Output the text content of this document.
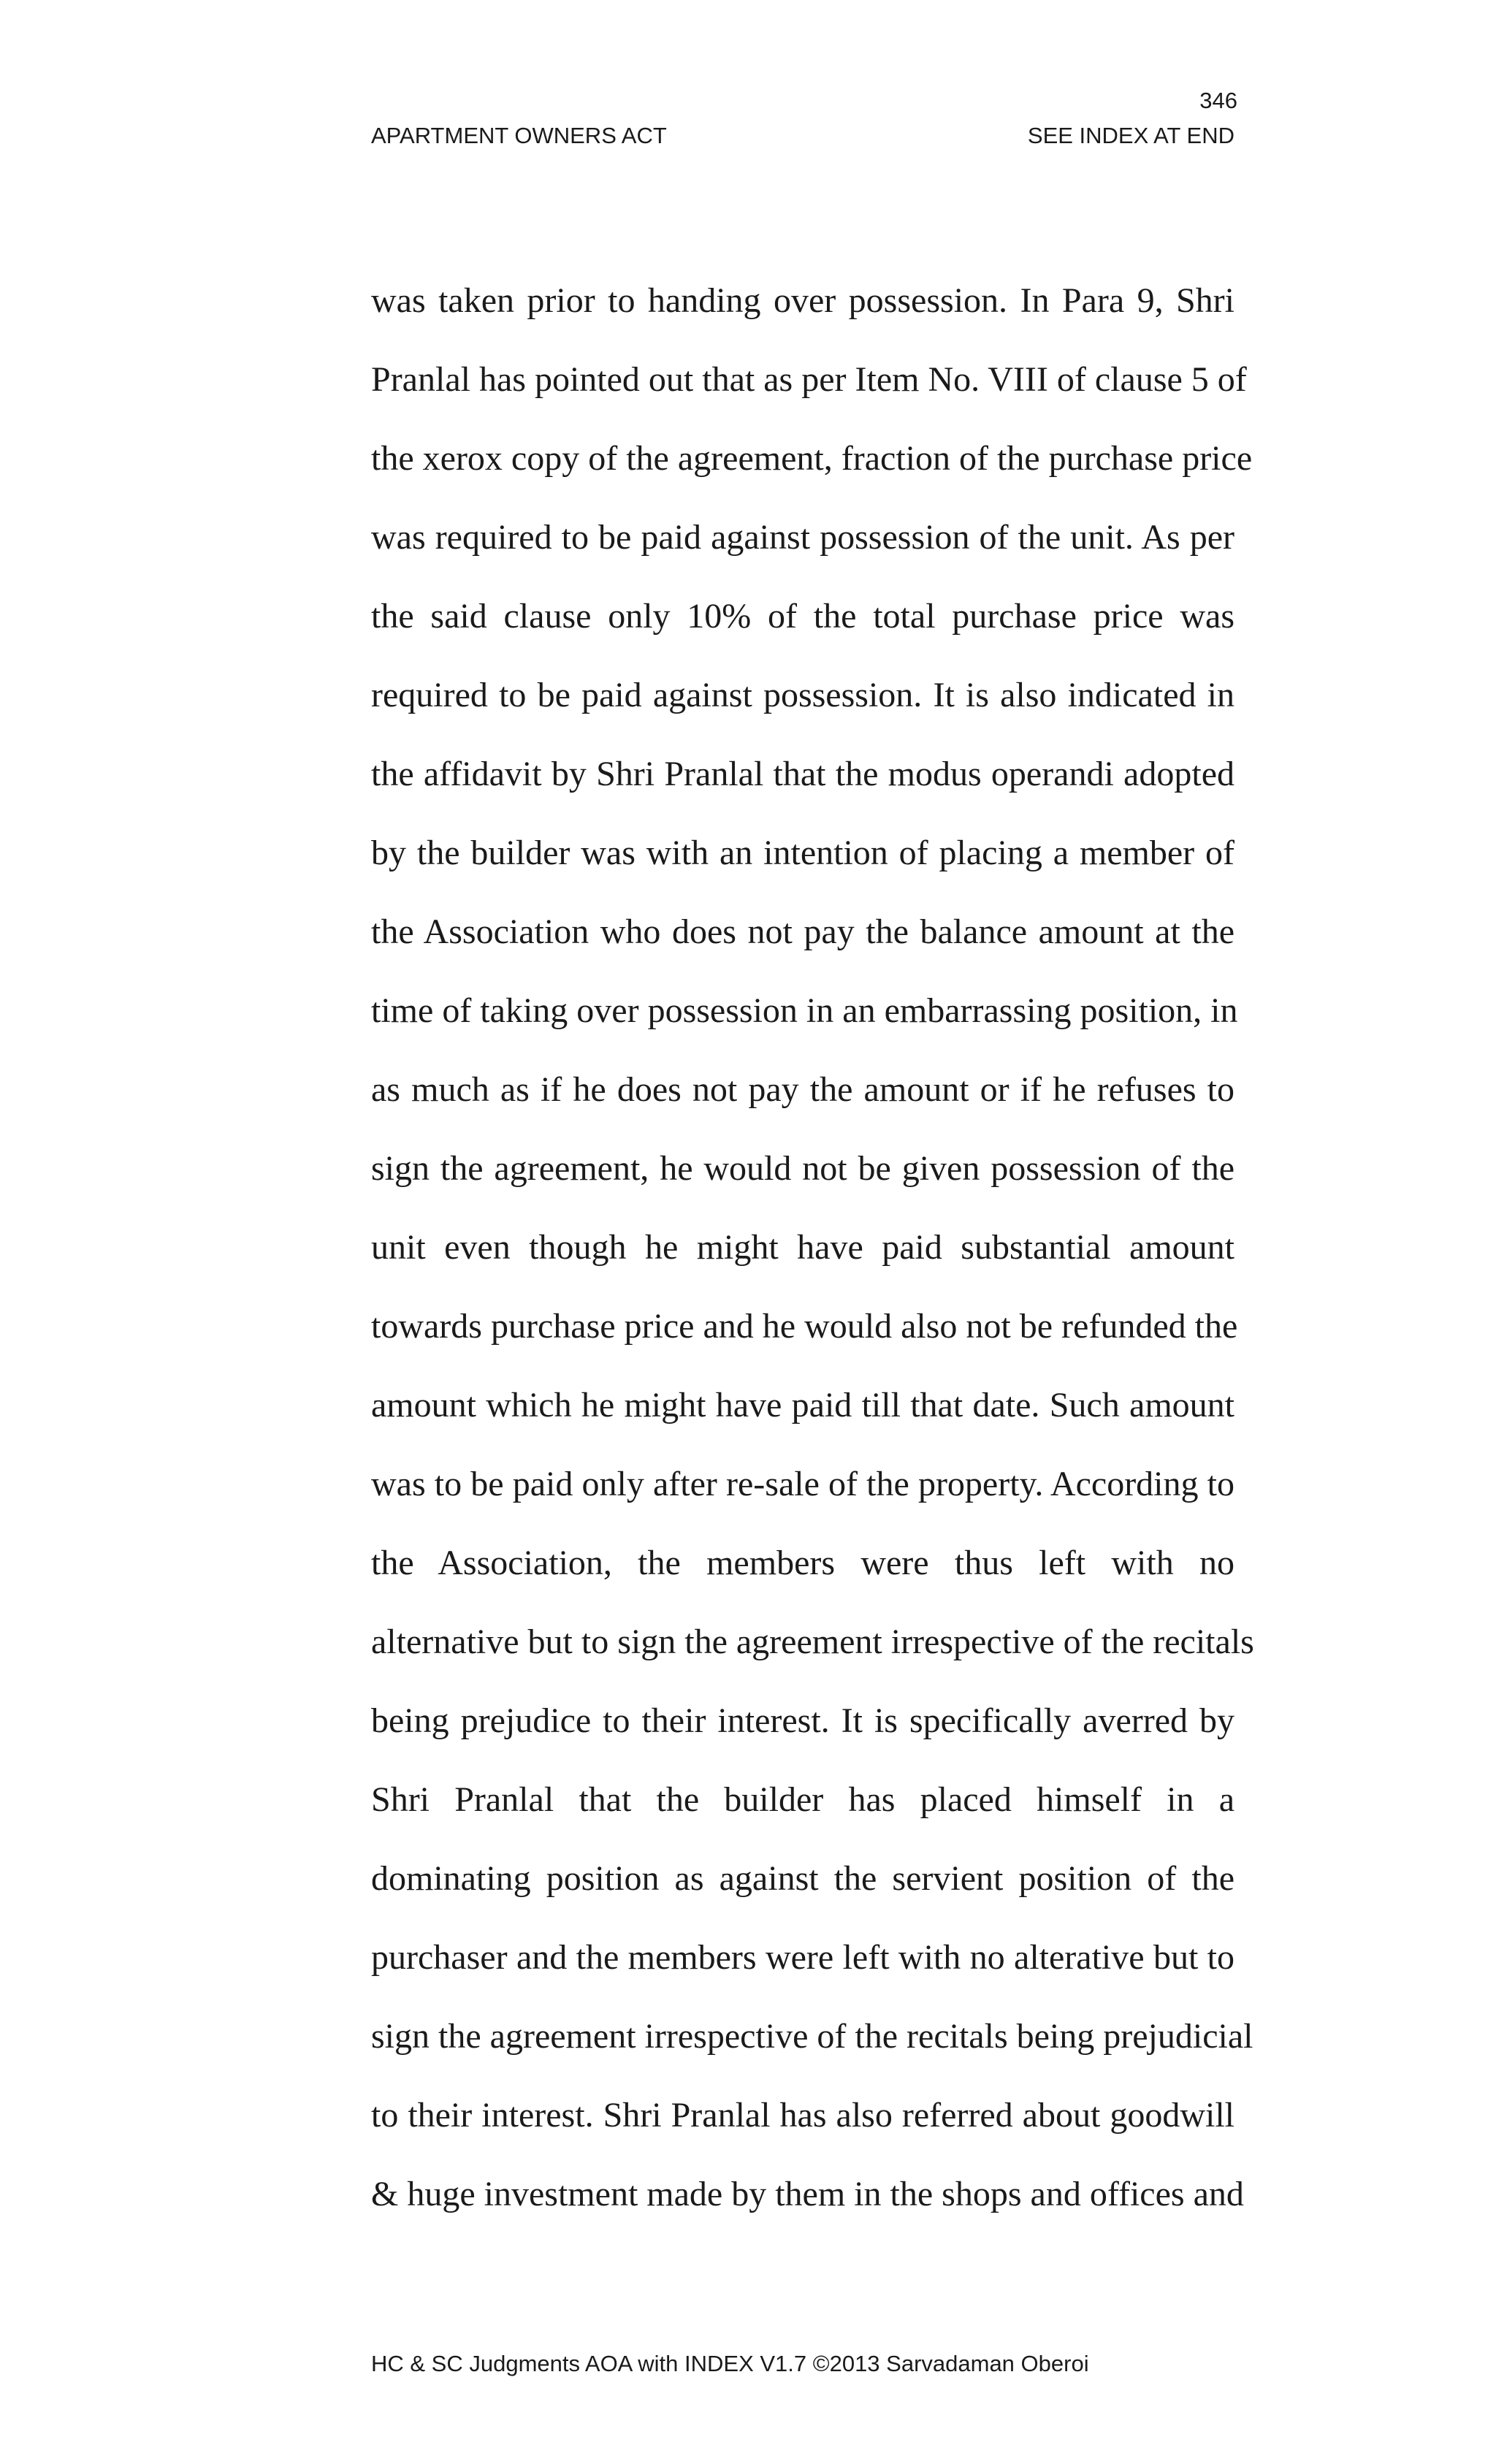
346

APARTMENT OWNERS ACT	SEE INDEX AT END

was taken prior to handing over possession. In Para 9, Shri
Pranlal has pointed out that as per Item No. VIII of clause 5 of
the xerox copy of the agreement, fraction of the purchase price
was required to be paid against possession of the unit. As per
the said clause only 10% of the total purchase price was
required to be paid against possession. It is also indicated in
the affidavit by Shri Pranlal that the modus operandi adopted
by the builder was with an intention of placing a member of
the Association who does not pay the balance amount at the
time of taking over possession in an embarrassing position, in
as much as if he does not pay the amount or if he refuses to
sign the agreement, he would not be given possession of the
unit even though he might have paid substantial amount
towards purchase price and he would also not be refunded the
amount which he might have paid till that date. Such amount
was to be paid only after re-sale of the property. According to
the Association, the members were thus left with no
alternative but to sign the agreement irrespective of the recitals
being prejudice to their interest. It is specifically averred by
Shri Pranlal that the builder has placed himself in a
dominating position as against the servient position of the
purchaser and the members were left with no alterative but to
sign the agreement irrespective of the recitals being prejudicial
to their interest. Shri Pranlal has also referred about goodwill
& huge investment made by them in the shops and offices and

HC & SC Judgments AOA with INDEX V1.7 ©2013 Sarvadaman Oberoi
